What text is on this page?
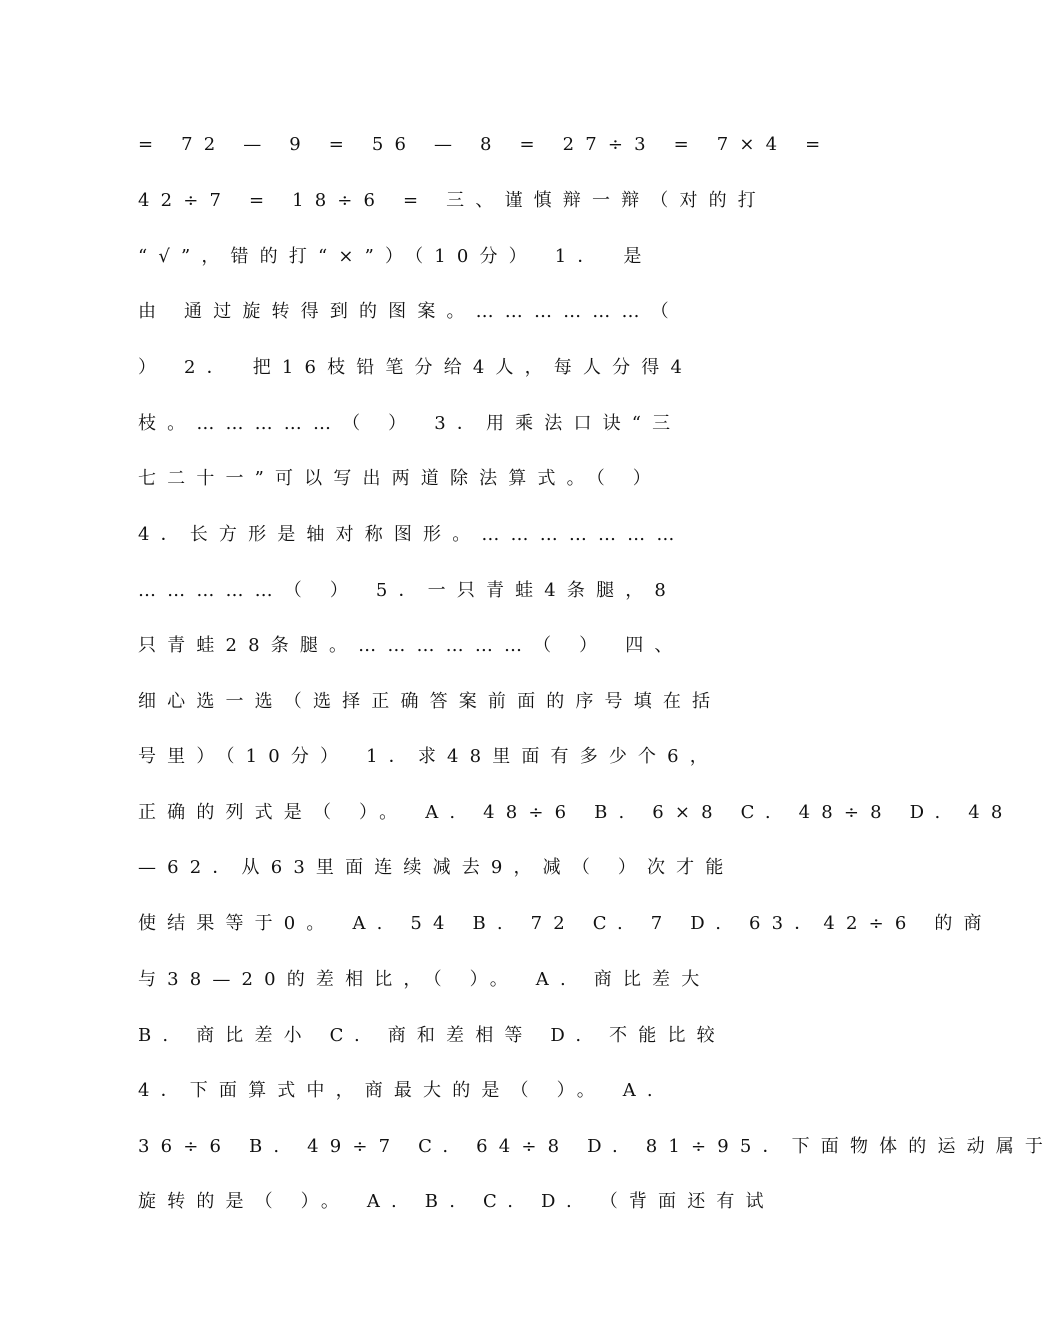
= 72 — 9 = 56 — 8 = 27÷3 = 7×4 =
42÷7 = 18÷6 = 三、谨慎辩一辩（对的打
“√”，错的打“×”）（10分） 1． 是
由 通过旋转得到的图案。………………（
） 2． 把16枝铅笔分给4人，每人分得4
枝。……………（ ） 3．用乘法口诀“三
七二十一”可以写出两道除法算式。（ ）
4．长方形是轴对称图形。…………………
……………（ ） 5．一只青蛙4条腿，8
只青蛙28条腿。………………（ ） 四、
细心选一选（选择正确答案前面的序号填在括
号里）（10分） 1．求48里面有多少个6，
正确的列式是（ ）。 A. 48÷6 B. 6×8 C. 48÷8 D. 48
—62．从63里面连续减去9，减（ ）次才能
使结果等于0。 A. 54 B. 72 C. 7 D. 63．42÷6 的商
与38—20的差相比，（ ）。 A. 商比差大
B. 商比差小 C. 商和差相等 D. 不能比较
4．下面算式中，商最大的是（ ）。 A.
36÷6 B. 49÷7 C. 64÷8 D. 81÷95．下面物体的运动属于
旋转的是（ ）。 A. B. C. D. （背面还有试
